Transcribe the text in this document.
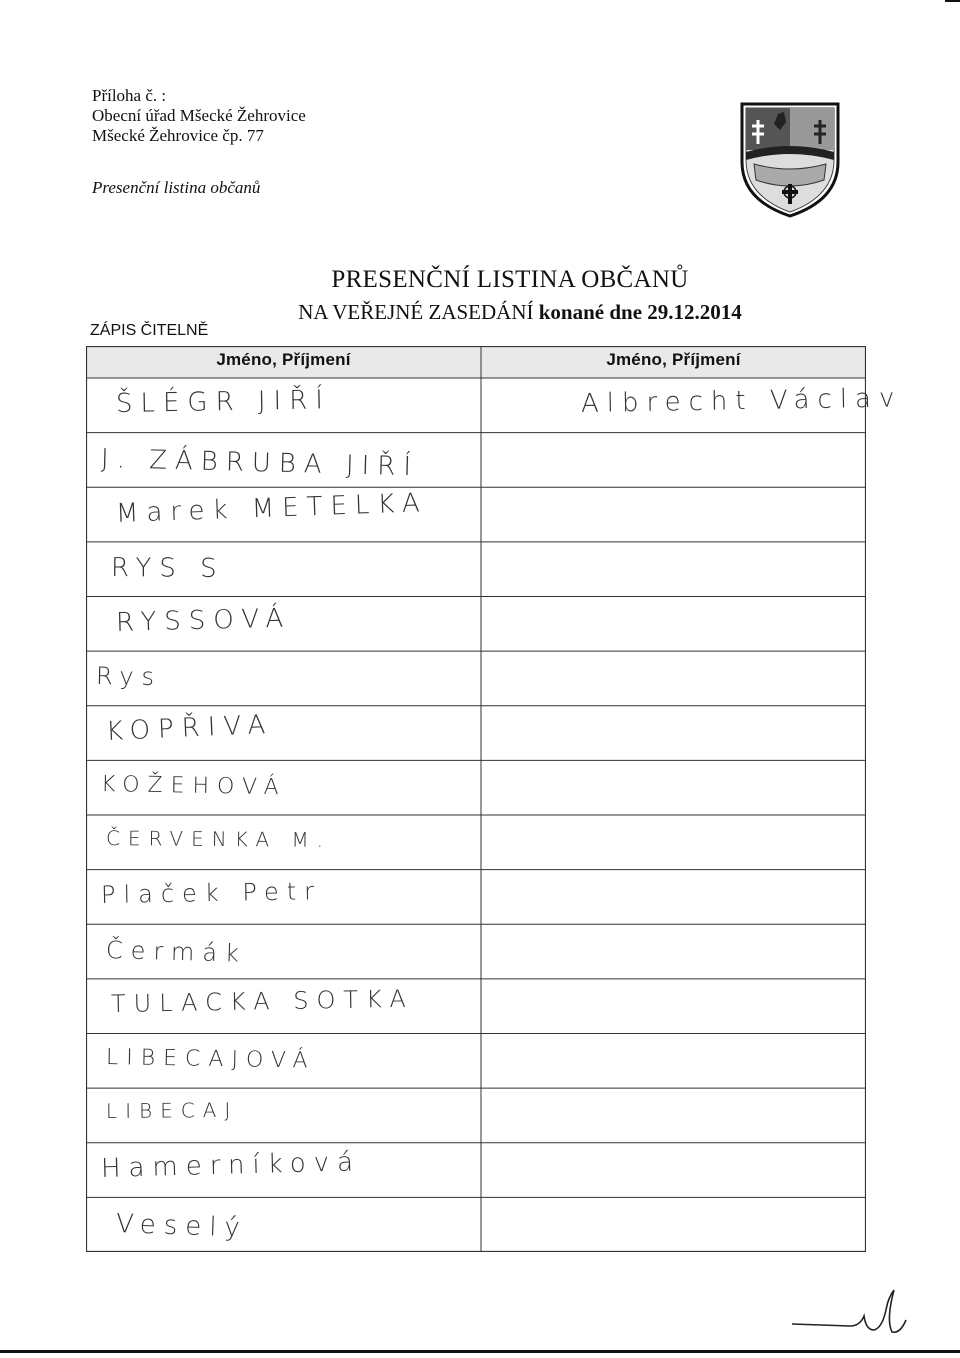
Příloha č. :
Obecní úřad Mšecké Žehrovice
Mšecké Žehrovice čp. 77
Presenční listina občanů
PRESENČNÍ LISTINA OBČANŮ
NA VEŘEJNÉ ZASEDÁNÍ konané dne 29.12.2014
ZÁPIS ČITELNĚ
Jméno, Příjmení	Jméno, Příjmení
ŠLÉGR JIŘÍ
J. ZÁBRUBA JIŘÍ
Marek METELKA
RYS S
RYSSOVÁ
Rys
KOPŘIVA
KOŽEHOVÁ
ČERVENKA M.
Plaček Petr
Čermák
TULACKA SOTKA
LIBECAJOVÁ
LIBECAJ
Hamerníková
Veselý
Albrecht Václav
